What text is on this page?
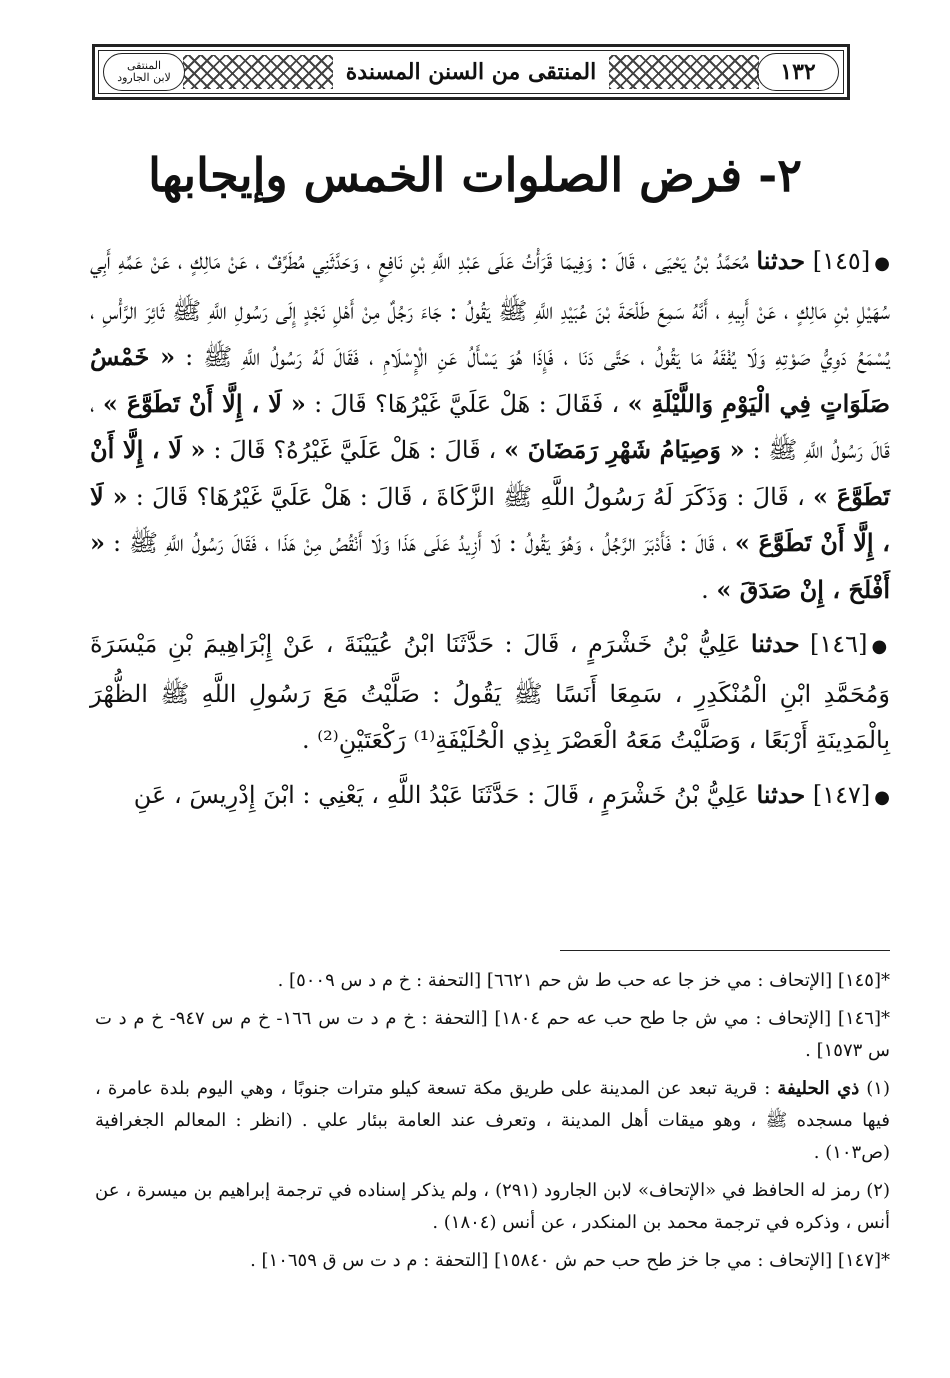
١٣٢
المنتقى من السنن المسندة
المنتقى
لابن الجارود
٢- فرض الصلوات الخمس وإيجابها

●[١٤٥] حدثنا مُحَمَّدُ بْنُ يَحْيَى ، قَالَ : وَفِيمَا قَرَأْتُ عَلَى عَبْدِ اللَّهِ بْنِ نَافِعٍ ، وَحَدَّثَنِي مُطَرِّفٌ ، عَنْ مَالِكٍ ، عَنْ عَمِّهِ أَبِي سُهَيْلِ بْنِ مَالِكٍ ، عَنْ أَبِيهِ ، أَنَّهُ سَمِعَ طَلْحَةَ بْنَ عُبَيْدِ اللَّهِ ﷺ يَقُولُ : جَاءَ رَجُلٌ مِنْ أَهْلِ نَجْدٍ إِلَى رَسُولِ اللَّهِ ﷺ ثَائِرَ الرَّأْسِ ، يُسْمَعُ دَوِيُّ صَوْتِهِ وَلَا يُفْقَهُ مَا يَقُولُ ، حَتَّى دَنَا ، فَإِذَا هُوَ يَسْأَلُ عَنِ الْإِسْلَامِ ، فَقَالَ لَهُ رَسُولُ اللَّهِ ﷺ : « خَمْسُ صَلَوَاتٍ فِي الْيَوْمِ وَاللَّيْلَةِ » ، فَقَالَ : هَلْ عَلَيَّ غَيْرُهَا؟ قَالَ : « لَا ، إِلَّا أَنْ تَطَوَّعَ » ، قَالَ رَسُولُ اللَّهِ ﷺ : « وَصِيَامُ شَهْرِ رَمَضَانَ » ، قَالَ : هَلْ عَلَيَّ غَيْرُهُ؟ قَالَ : « لَا ، إِلَّا أَنْ تَطَوَّعَ » ، قَالَ : وَذَكَرَ لَهُ رَسُولُ اللَّهِ ﷺ الزَّكَاةَ ، قَالَ : هَلْ عَلَيَّ غَيْرُهَا؟ قَالَ : « لَا ، إِلَّا أَنْ تَطَوَّعَ » ، قَالَ : فَأَدْبَرَ الرَّجُلُ ، وَهُوَ يَقُولُ : لَا أَزِيدُ عَلَى هَذَا وَلَا أَنْقُصُ مِنْ هَذَا ، فَقَالَ رَسُولُ اللَّهِ ﷺ : « أَفْلَحَ ، إِنْ صَدَقَ » .

●[١٤٦] حدثنا عَلِيُّ بْنُ خَشْرَمٍ ، قَالَ : حَدَّثَنَا ابْنُ عُيَيْنَةَ ، عَنْ إِبْرَاهِيمَ بْنِ مَيْسَرَةَ وَمُحَمَّدِ ابْنِ الْمُنْكَدِرِ ، سَمِعَا أَنَسًا ﷺ يَقُولُ : صَلَّيْتُ مَعَ رَسُولِ اللَّهِ ﷺ الظُّهْرَ بِالْمَدِينَةِ أَرْبَعًا ، وَصَلَّيْتُ مَعَهُ الْعَصْرَ بِذِي الْحُلَيْفَةِ⁽¹⁾ رَكْعَتَيْنِ⁽²⁾ .

●[١٤٧] حدثنا عَلِيُّ بْنُ خَشْرَمٍ ، قَالَ : حَدَّثَنَا عَبْدُ اللَّهِ ، يَعْنِي : ابْنَ إِدْرِيسَ ، عَنِ

*[١٤٥] [الإتحاف : مي خز جا عه حب ط ش حم ٦٦٢١] [التحفة : خ م د س ٥٠٠٩] .

*[١٤٦] [الإتحاف : مي ش جا طح حب عه حم ١٨٠٤] [التحفة : خ م د ت س ١٦٦- خ م س ٩٤٧- خ م د ت س ١٥٧٣] .

(١) ذي الحليفة : قرية تبعد عن المدينة على طريق مكة تسعة كيلو مترات جنوبًا ، وهي اليوم بلدة عامرة ، فيها مسجده ﷺ ، وهو ميقات أهل المدينة ، وتعرف عند العامة ببئار علي . (انظر : المعالم الجغرافية (ص١٠٣) .

(٢) رمز له الحافظ في «الإتحاف» لابن الجارود (٢٩١) ، ولم يذكر إسناده في ترجمة إبراهيم بن ميسرة ، عن أنس ، وذكره في ترجمة محمد بن المنكدر ، عن أنس (١٨٠٤) .

*[١٤٧] [الإتحاف : مي جا خز طح حب حم ش ١٥٨٤٠] [التحفة : م د ت س ق ١٠٦٥٩] .
